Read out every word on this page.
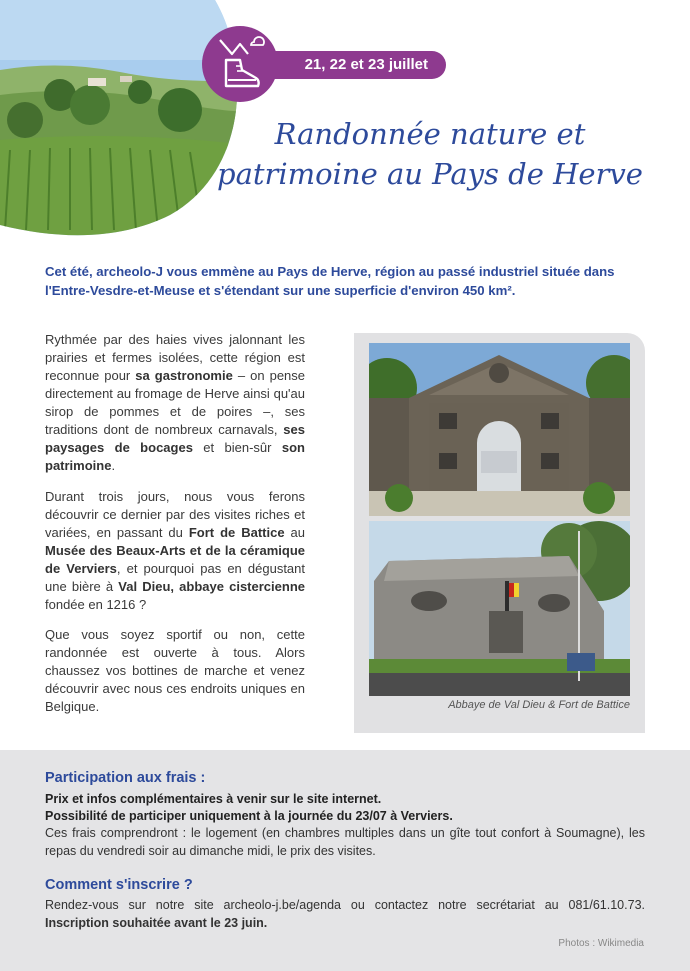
21, 22 et 23 juillet
Randonnée nature et
patrimoine au Pays de Herve
Cet été, archeolo-J vous emmène au Pays de Herve, région au passé industriel située dans l'Entre-Vesdre-et-Meuse et s'étendant sur une superficie d'environ 450 km².
Rythmée par des haies vives jalonnant les prairies et fermes isolées, cette région est reconnue pour sa gastronomie – on pense directement au fromage de Herve ainsi qu'au sirop de pommes et de poires –, ses traditions dont de nombreux carnavals, ses paysages de bocages et bien-sûr son patrimoine.
Durant trois jours, nous vous ferons découvrir ce dernier par des visites riches et variées, en passant du Fort de Battice au Musée des Beaux-Arts et de la céramique de Verviers, et pourquoi pas en dégustant une bière à Val Dieu, abbaye cistercienne fondée en 1216 ?
Que vous soyez sportif ou non, cette randonnée est ouverte à tous. Alors chaussez vos bottines de marche et venez découvrir avec nous ces endroits uniques en Belgique.	Abbaye de Val Dieu & Fort de Battice
Participation aux frais :
Prix et infos complémentaires à venir sur le site internet.
Possibilité de participer uniquement à la journée du 23/07 à Verviers.
Ces frais comprendront : le logement (en chambres multiples dans un gîte tout confort à Soumagne), les repas du vendredi soir au dimanche midi, le prix des visites.
Comment s'inscrire ?
Rendez-vous sur notre site archeolo-j.be/agenda ou contactez notre secrétariat au 081/61.10.73. Inscription souhaitée avant le 23 juin.
Photos : Wikimedia
